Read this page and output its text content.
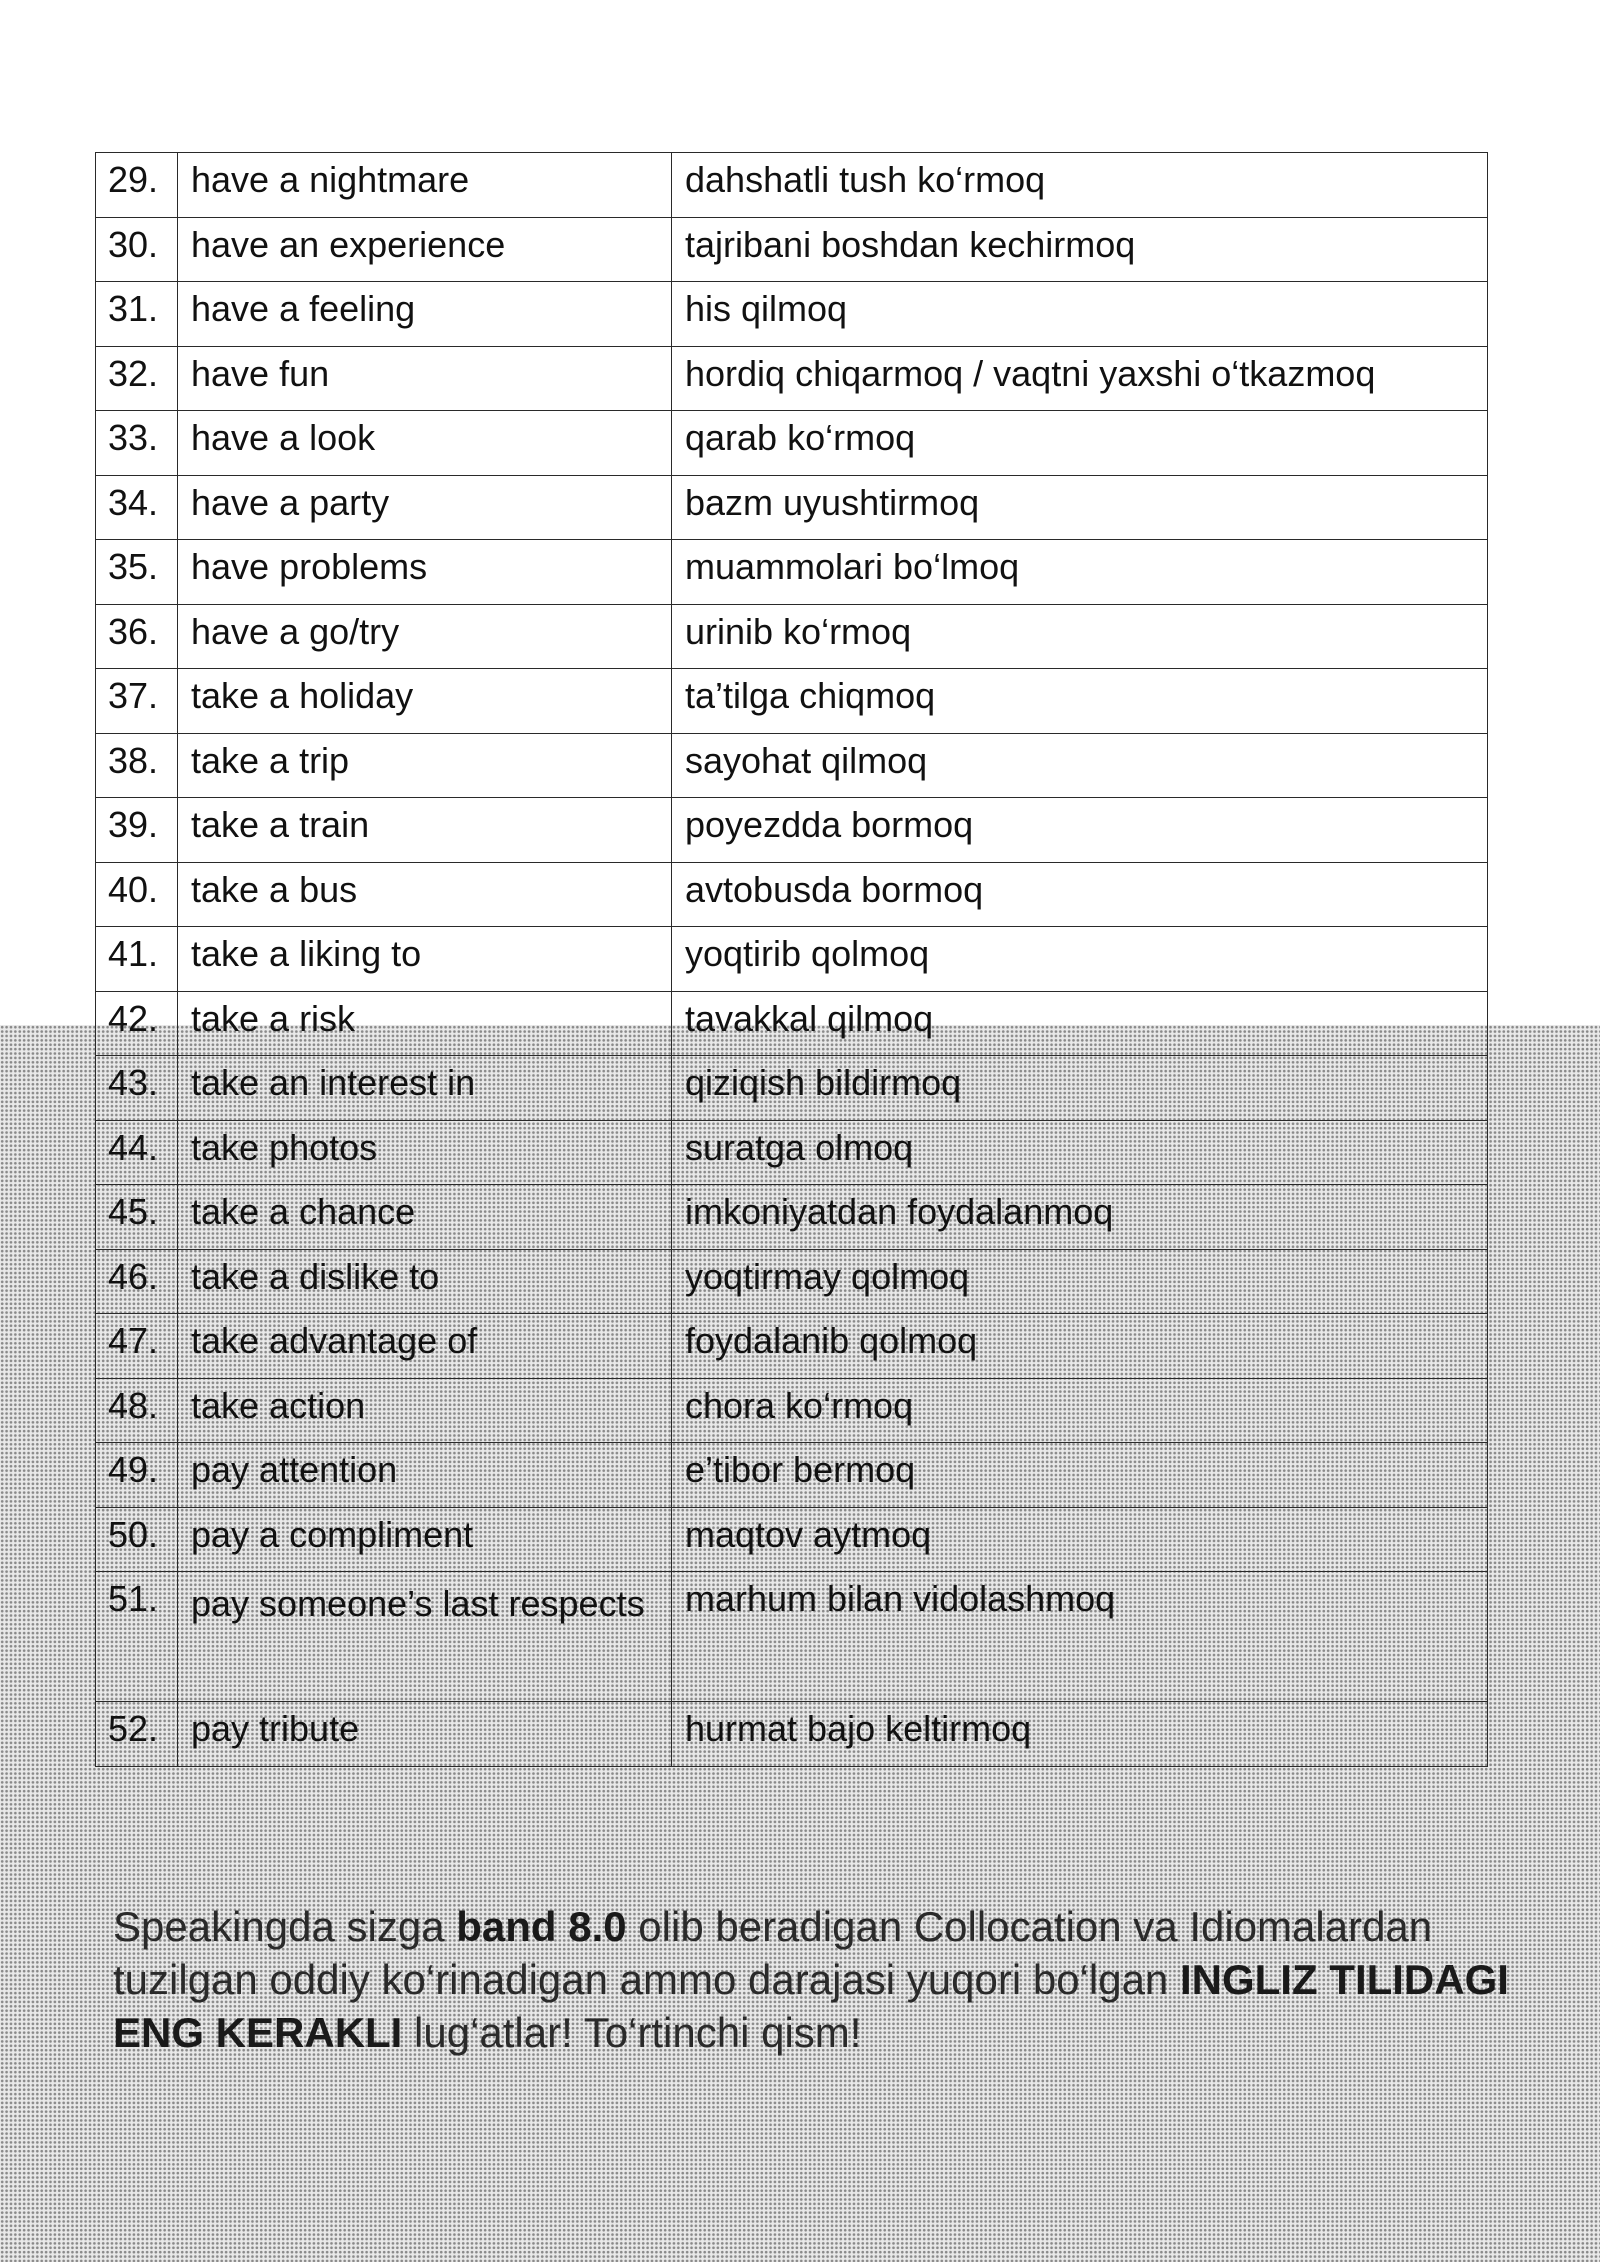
29.	have a nightmare	dahshatli tush ko‘rmoq
30.	have an experience	tajribani boshdan kechirmoq
31.	have a feeling	his qilmoq
32.	have fun	hordiq chiqarmoq / vaqtni yaxshi o‘tkazmoq
33.	have a look	qarab ko‘rmoq
34.	have a party	bazm uyushtirmoq
35.	have problems	muammolari bo‘lmoq
36.	have a go/try	urinib ko‘rmoq
37.	take a holiday	ta’tilga chiqmoq
38.	take a trip	sayohat qilmoq
39.	take a train	poyezdda bormoq
40.	take a bus	avtobusda bormoq
41.	take a liking to	yoqtirib qolmoq
42.	take a risk	tavakkal qilmoq
43.	take an interest in	qiziqish bildirmoq
44.	take photos	suratga olmoq
45.	take a chance	imkoniyatdan foydalanmoq
46.	take a dislike to	yoqtirmay qolmoq
47.	take advantage of	foydalanib qolmoq
48.	take action	chora ko‘rmoq
49.	pay attention	e’tibor bermoq
50.	pay a compliment	maqtov aytmoq
51.	pay someone’s last respects	marhum bilan vidolashmoq
52.	pay tribute	hurmat bajo keltirmoq

Speakingda sizga band 8.0 olib beradigan Collocation va Idiomalardan tuzilgan oddiy ko‘rinadigan ammo darajasi yuqori bo‘lgan INGLIZ TILIDAGI ENG KERAKLI lug‘atlar! To‘rtinchi qism!
